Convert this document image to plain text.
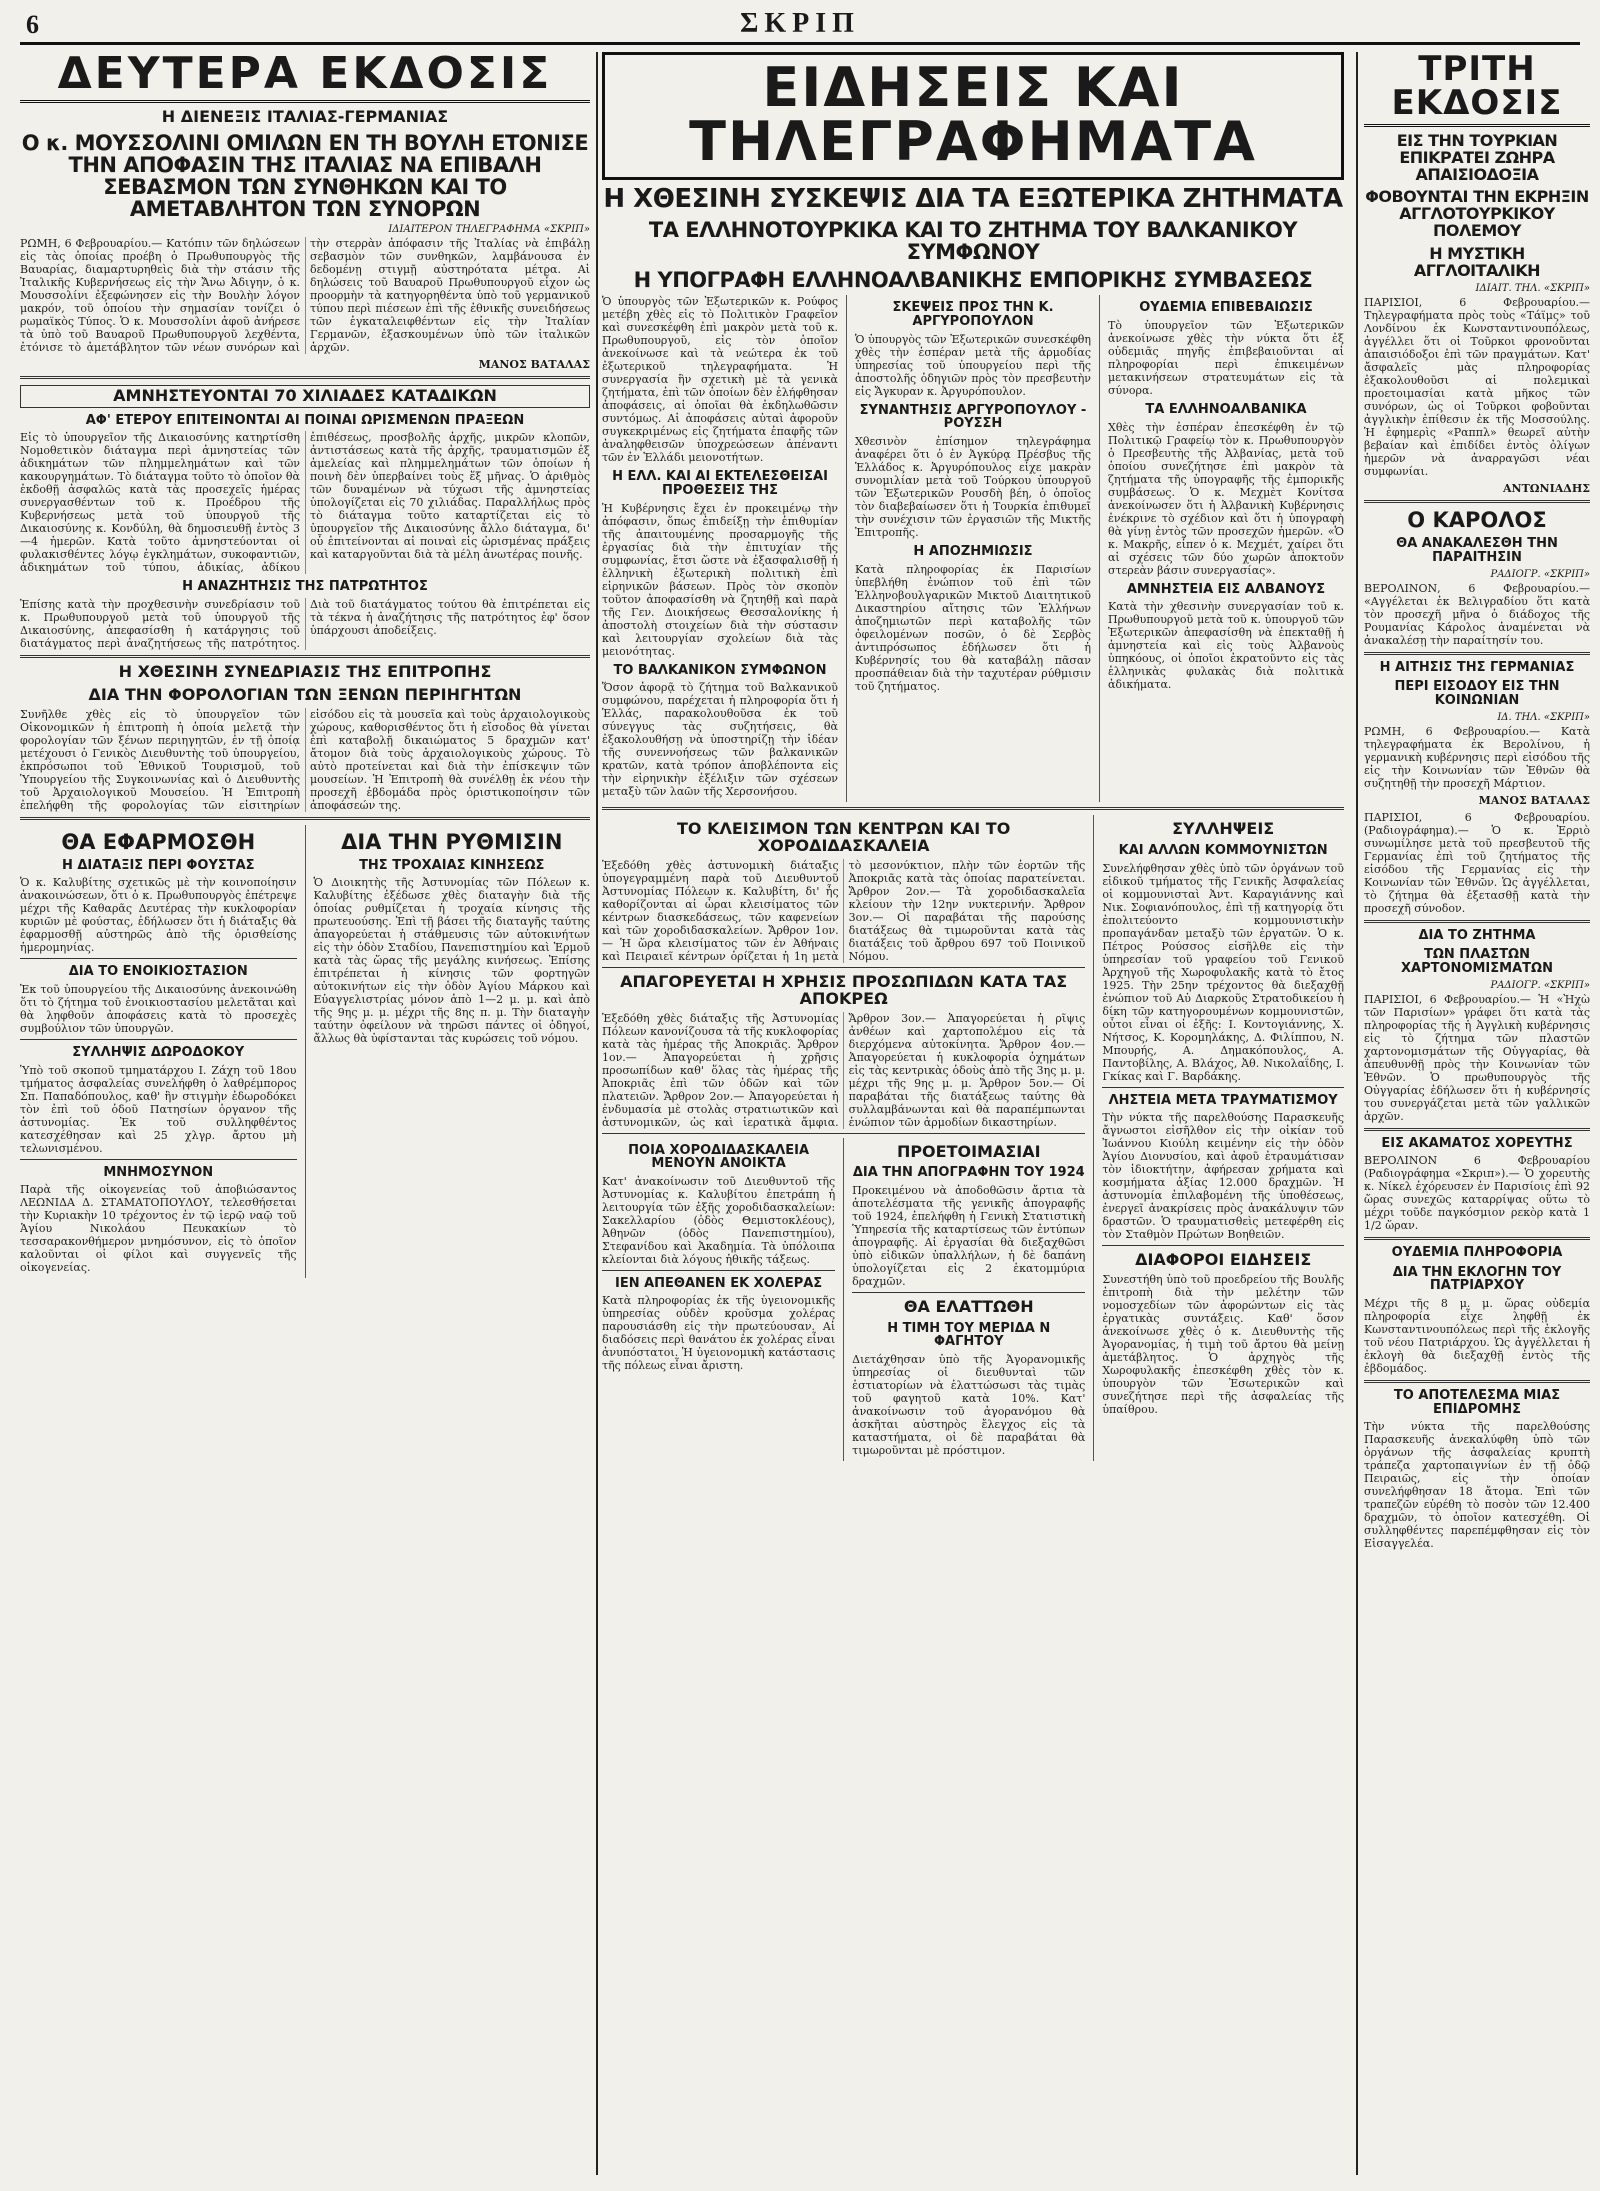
6	ΣΚΡΙΠ
ΔΕΥΤΕΡΑ ΕΚΔΟΣΙΣ
Η ΔΙΕΝΕΞΙΣ ΙΤΑΛΙΑΣ-ΓΕΡΜΑΝΙΑΣ
Ο κ. ΜΟΥΣΣΟΛΙΝΙ ΟΜΙΛΩΝ ΕΝ ΤΗ ΒΟΥΛΗ ΕΤΟΝΙΣΕ ΤΗΝ ΑΠΟΦΑΣΙΝ ΤΗΣ ΙΤΑΛΙΑΣ ΝΑ ΕΠΙΒΑΛΗ ΣΕΒΑΣΜΟΝ ΤΩΝ ΣΥΝΘΗΚΩΝ ΚΑΙ ΤΟ ΑΜΕΤΑΒΛΗΤΟΝ ΤΩΝ ΣΥΝΟΡΩΝ
ΙΔΙΑΙΤΕΡΟΝ ΤΗΛΕΓΡΑΦΗΜΑ «ΣΚΡΙΠ»

ΡΩΜΗ, 6 Φεβρουαρίου.— Κατόπιν τῶν δηλώσεων εἰς τὰς ὁποίας προέβη ὁ Πρωθυπουργὸς τῆς Βαυαρίας, διαμαρτυρηθεὶς διὰ τὴν στάσιν τῆς Ἰταλικῆς Κυβερνήσεως εἰς τὴν Ἄνω Ἀδιγην, ὁ κ. Μουσσολίνι ἐξεφώνησεν εἰς τὴν Βουλὴν λόγον μακρόν, τοῦ ὁποίου τὴν σημασίαν τονίζει ὁ ρωμαϊκὸς Τύπος. Ὁ κ. Μουσσολίνι ἀφοῦ ἀνήρεσε τὰ ὑπὸ τοῦ Βαυαροῦ Πρωθυπουργοῦ λεχθέντα, ἐτόνισε τὸ ἀμετάβλητον τῶν νέων συνόρων καὶ τὴν στερρὰν ἀπόφασιν τῆς Ἰταλίας νὰ ἐπιβάλῃ σεβασμὸν τῶν συνθηκῶν, λαμβάνουσα ἐν δεδομένῃ στιγμῇ αὐστηρότατα μέτρα. Αἱ δηλώσεις τοῦ Βαυαροῦ Πρωθυπουργοῦ εἶχον ὡς προορμὴν τὰ κατηγορηθέντα ὑπὸ τοῦ γερμανικοῦ τύπου περὶ πιέσεων ἐπὶ τῆς ἐθνικῆς συνειδήσεως τῶν ἐγκαταλειφθέντων εἰς τὴν Ἰταλίαν Γερμανῶν, ἐξασκουμένων ὑπὸ τῶν ἰταλικῶν ἀρχῶν.

ΜΑΝΟΣ ΒΑΤΑΛΑΣ
ΑΜΝΗΣΤΕΥΟΝΤΑΙ 70 ΧΙΛΙΑΔΕΣ ΚΑΤΑΔΙΚΩΝ
ΑΦ' ΕΤΕΡΟΥ ΕΠΙΤΕΙΝΟΝΤΑΙ ΑΙ ΠΟΙΝΑΙ ΩΡΙΣΜΕΝΩΝ ΠΡΑΞΕΩΝ

Εἰς τὸ ὑπουργεῖον τῆς Δικαιοσύνης κατηρτίσθη Νομοθετικὸν διάταγμα περὶ ἀμνηστείας τῶν ἀδικημάτων τῶν πλημμελημάτων καὶ τῶν κακουργημάτων. Τὸ διάταγμα τοῦτο τὸ ὁποῖον θὰ ἐκδοθῇ ἀσφαλῶς κατὰ τὰς προσεχεῖς ἡμέρας συνεργασθέντων τοῦ κ. Προέδρου τῆς Κυβερνήσεως μετὰ τοῦ ὑπουργοῦ τῆς Δικαιοσύνης κ. Κονδύλη, θὰ δημοσιευθῇ ἐντὸς 3—4 ἡμερῶν. Κατὰ τοῦτο ἀμνηστεύονται οἱ φυλακισθέντες λόγῳ ἐγκλημάτων, συκοφαντιῶν, ἀδικημάτων τοῦ τύπου, ἀδικίας, ἀδίκου ἐπιθέσεως, προσβολῆς ἀρχῆς, μικρῶν κλοπῶν, ἀντιστάσεως κατὰ τῆς ἀρχῆς, τραυματισμῶν ἐξ ἀμελείας καὶ πλημμελημάτων τῶν ὁποίων ἡ ποινὴ δὲν ὑπερβαίνει τοὺς ἕξ μῆνας. Ὁ ἀριθμὸς τῶν δυναμένων νὰ τύχωσι τῆς ἀμνηστείας ὑπολογίζεται εἰς 70 χιλιάδας. Παραλλήλως πρὸς τὸ διάταγμα τοῦτο καταρτίζεται εἰς τὸ ὑπουργεῖον τῆς Δικαιοσύνης ἄλλο διάταγμα, δι' οὗ ἐπιτείνονται αἱ ποιναὶ εἰς ὡρισμένας πράξεις καὶ καταργοῦνται διὰ τὰ μέλη ἀνωτέρας ποινῆς.

Η ΑΝΑΖΗΤΗΣΙΣ ΤΗΣ ΠΑΤΡΩΤΗΤΟΣ

Ἐπίσης κατὰ τὴν προχθεσινὴν συνεδρίασιν τοῦ κ. Πρωθυπουργοῦ μετὰ τοῦ ὑπουργοῦ τῆς Δικαιοσύνης, ἀπεφασίσθη ἡ κατάργησις τοῦ διατάγματος περὶ ἀναζητήσεως τῆς πατρότητος. Διὰ τοῦ διατάγματος τούτου θὰ ἐπιτρέπεται εἰς τὰ τέκνα ἡ ἀναζήτησις τῆς πατρότητος ἐφ' ὅσον ὑπάρχουσι ἀποδείξεις.

Η ΧΘΕΣΙΝΗ ΣΥΝΕΔΡΙΑΣΙΣ ΤΗΣ ΕΠΙΤΡΟΠΗΣ
ΔΙΑ ΤΗΝ ΦΟΡΟΛΟΓΙΑΝ ΤΩΝ ΞΕΝΩΝ ΠΕΡΙΗΓΗΤΩΝ

Συνῆλθε χθὲς εἰς τὸ ὑπουργεῖον τῶν Οἰκονομικῶν ἡ ἐπιτροπὴ ἡ ὁποία μελετᾷ τὴν φορολογίαν τῶν ξένων περιηγητῶν, ἐν τῇ ὁποίᾳ μετέχουσι ὁ Γενικὸς Διευθυντὴς τοῦ ὑπουργείου, ἐκπρόσωποι τοῦ Ἐθνικοῦ Τουρισμοῦ, τοῦ Ὑπουργείου τῆς Συγκοινωνίας καὶ ὁ Διευθυντὴς τοῦ Ἀρχαιολογικοῦ Μουσείου. Ἡ Ἐπιτροπὴ ἐπελήφθη τῆς φορολογίας τῶν εἰσιτηρίων εἰσόδου εἰς τὰ μουσεῖα καὶ τοὺς ἀρχαιολογικοὺς χώρους, καθορισθέντος ὅτι ἡ εἴσοδος θὰ γίνεται ἐπὶ καταβολῇ δικαιώματος 5 δραχμῶν κατ' ἄτομον διὰ τοὺς ἀρχαιολογικοὺς χώρους. Τὸ αὐτὸ προτείνεται καὶ διὰ τὴν ἐπίσκεψιν τῶν μουσείων. Ἡ Ἐπιτροπὴ θὰ συνέλθῃ ἐκ νέου τὴν προσεχῆ ἑβδομάδα πρὸς ὁριστικοποίησιν τῶν ἀποφάσεών της.

ΘΑ ΕΦΑΡΜΟΣΘΗ
Η ΔΙΑΤΑΞΙΣ ΠΕΡΙ ΦΟΥΣΤΑΣ

Ὁ κ. Καλυβίτης σχετικῶς μὲ τὴν κοινοποίησιν ἀνακοινώσεων, ὅτι ὁ κ. Πρωθυπουργὸς ἐπέτρεψε μέχρι τῆς Καθαρᾶς Δευτέρας τὴν κυκλοφορίαν κυριῶν μὲ φούστας, ἐδήλωσεν ὅτι ἡ διάταξις θὰ ἐφαρμοσθῇ αὐστηρῶς ἀπὸ τῆς ὁρισθείσης ἡμερομηνίας.

ΔΙΑ ΤΟ ΕΝΟΙΚΙΟΣΤΑΣΙΟΝ

Ἐκ τοῦ ὑπουργείου τῆς Δικαιοσύνης ἀνεκοινώθη ὅτι τὸ ζήτημα τοῦ ἐνοικιοστασίου μελετᾶται καὶ θὰ ληφθοῦν ἀποφάσεις κατὰ τὸ προσεχὲς συμβούλιον τῶν ὑπουργῶν.

ΣΥΛΛΗΨΙΣ ΔΩΡΟΔΟΚΟΥ

Ὑπὸ τοῦ σκοποῦ τμηματάρχου Ι. Ζάχη τοῦ 18ου τμήματος ἀσφαλείας συνελήφθη ὁ λαθρέμπορος Σπ. Παπαδόπουλος, καθ' ἣν στιγμὴν ἐδωροδόκει τὸν ἐπὶ τοῦ ὁδοῦ Πατησίων ὀργανον τῆς ἀστυνομίας. Ἐκ τοῦ συλληφθέντος κατεσχέθησαν καὶ 25 χλγρ. ἄρτου μὴ τελωνισμένου.

ΜΝΗΜΟΣΥΝΟΝ

Παρὰ τῆς οἰκογενείας τοῦ ἀποβιώσαντος ΛΕΩΝΙΔΑ Δ. ΣΤΑΜΑΤΟΠΟΥΛΟΥ, τελεσθήσεται τὴν Κυριακὴν 10 τρέχοντος ἐν τῷ ἱερῷ ναῷ τοῦ Ἁγίου Νικολάου Πευκακίων τὸ τεσσαρακονθήμερον μνημόσυνον, εἰς τὸ ὁποῖον καλοῦνται οἱ φίλοι καὶ συγγενεῖς τῆς οἰκογενείας.

ΔΙΑ ΤΗΝ ΡΥΘΜΙΣΙΝ
ΤΗΣ ΤΡΟΧΑΙΑΣ ΚΙΝΗΣΕΩΣ

Ὁ Διοικητὴς τῆς Ἀστυνομίας τῶν Πόλεων κ. Καλυβίτης ἐξέδωσε χθὲς διαταγὴν διὰ τῆς ὁποίας ρυθμίζεται ἡ τροχαία κίνησις τῆς πρωτευούσης. Ἐπὶ τῇ βάσει τῆς διαταγῆς ταύτης ἀπαγορεύεται ἡ στάθμευσις τῶν αὐτοκινήτων εἰς τὴν ὁδὸν Σταδίου, Πανεπιστημίου καὶ Ἑρμοῦ κατὰ τὰς ὥρας τῆς μεγάλης κινήσεως. Ἐπίσης ἐπιτρέπεται ἡ κίνησις τῶν φορτηγῶν αὐτοκινήτων εἰς τὴν ὁδὸν Ἁγίου Μάρκου καὶ Εὐαγγελιστρίας μόνον ἀπὸ 1—2 μ. μ. καὶ ἀπὸ τῆς 9ης μ. μ. μέχρι τῆς 8ης π. μ. Τὴν διαταγὴν ταύτην ὀφείλουν νὰ τηρῶσι πάντες οἱ ὁδηγοί, ἄλλως θὰ ὑφίστανται τὰς κυρώσεις τοῦ νόμου.

ΕΙΔΗΣΕΙΣ ΚΑΙ ΤΗΛΕΓΡΑΦΗΜΑΤΑ
Η ΧΘΕΣΙΝΗ ΣΥΣΚΕΨΙΣ ΔΙΑ ΤΑ ΕΞΩΤΕΡΙΚΑ ΖΗΤΗΜΑΤΑ
ΤΑ ΕΛΛΗΝΟΤΟΥΡΚΙΚΑ ΚΑΙ ΤΟ ΖΗΤΗΜΑ ΤΟΥ ΒΑΛΚΑΝΙΚΟΥ ΣΥΜΦΩΝΟΥ
Η ΥΠΟΓΡΑΦΗ ΕΛΛΗΝΟΑΛΒΑΝΙΚΗΣ ΕΜΠΟΡΙΚΗΣ ΣΥΜΒΑΣΕΩΣ

Ὁ ὑπουργὸς τῶν Ἐξωτερικῶν κ. Ρούφος μετέβη χθὲς εἰς τὸ Πολιτικὸν Γραφεῖον καὶ συνεσκέφθη ἐπὶ μακρὸν μετὰ τοῦ κ. Πρωθυπουργοῦ, εἰς τὸν ὁποῖον ἀνεκοίνωσε καὶ τὰ νεώτερα ἐκ τοῦ ἐξωτερικοῦ τηλεγραφήματα. Ἡ συνεργασία ἣν σχετικὴ μὲ τὰ γενικὰ ζητήματα, ἐπὶ τῶν ὁποίων δὲν ἐλήφθησαν ἀποφάσεις, αἱ ὁποῖαι θὰ ἐκδηλωθῶσιν συντόμως. Αἱ ἀποφάσεις αὐταὶ ἀφοροῦν συγκεκριμένως εἰς ζητήματα ἐπαφῆς τῶν ἀναληφθεισῶν ὑποχρεώσεων ἀπέναντι τῶν ἐν Ἑλλάδι μειονοτήτων.

Η ΕΛΛ. ΚΑΙ ΑΙ ΕΚΤΕΛΕΣΘΕΙΣΑΙ ΠΡΟΘΕΣΕΙΣ ΤΗΣ

Ἡ Κυβέρνησις ἔχει ἐν προκειμένῳ τὴν ἀπόφασιν, ὅπως ἐπιδείξῃ τὴν ἐπιθυμίαν τῆς ἀπαιτουμένης προσαρμογῆς τῆς ἐργασίας διὰ τὴν ἐπιτυχίαν τῆς συμφωνίας, ἔτσι ὥστε νὰ ἐξασφαλισθῇ ἡ ἑλληνικὴ ἐξωτερικὴ πολιτικὴ ἐπὶ εἰρηνικῶν βάσεων. Πρὸς τὸν σκοπὸν τοῦτον ἀποφασίσθη νὰ ζητηθῇ καὶ παρὰ τῆς Γεν. Διοικήσεως Θεσσαλονίκης ἡ ἀποστολὴ στοιχείων διὰ τὴν σύστασιν καὶ λειτουργίαν σχολείων διὰ τὰς μειονότητας.

ΤΟ ΒΑΛΚΑΝΙΚΟΝ ΣΥΜΦΩΝΟΝ

Ὅσον ἀφορᾷ τὸ ζήτημα τοῦ Βαλκανικοῦ συμφώνου, παρέχεται ἡ πληροφορία ὅτι ἡ Ἑλλάς, παρακολουθοῦσα ἐκ τοῦ σύνεγγυς τὰς συζητήσεις, θὰ ἐξακολουθήσῃ νὰ ὑποστηρίζῃ τὴν ἰδέαν τῆς συνεννοήσεως τῶν βαλκανικῶν κρατῶν, κατὰ τρόπον ἀποβλέποντα εἰς τὴν εἰρηνικὴν ἐξέλιξιν τῶν σχέσεων μεταξὺ τῶν λαῶν τῆς Χερσονήσου.

ΣΚΕΨΕΙΣ ΠΡΟΣ ΤΗΝ Κ. ΑΡΓΥΡΟΠΟΥΛΟΝ

Ὁ ὑπουργὸς τῶν Ἐξωτερικῶν συνεσκέφθη χθὲς τὴν ἑσπέραν μετὰ τῆς ἁρμοδίας ὑπηρεσίας τοῦ ὑπουργείου περὶ τῆς ἀποστολῆς ὁδηγιῶν πρὸς τὸν πρεσβευτὴν εἰς Ἄγκυραν κ. Ἀργυρόπουλον.

ΣΥΝΑΝΤΗΣΙΣ ΑΡΓΥΡΟΠΟΥΛΟΥ - ΡΟΥΣΣΗ

Χθεσινὸν ἐπίσημον τηλεγράφημα ἀναφέρει ὅτι ὁ ἐν Ἀγκύρᾳ Πρέσβυς τῆς Ἑλλάδος κ. Ἀργυρόπουλος εἶχε μακρὰν συνομιλίαν μετὰ τοῦ Τούρκου ὑπουργοῦ τῶν Ἐξωτερικῶν Ρουσδὴ βέη, ὁ ὁποῖος τὸν διαβεβαίωσεν ὅτι ἡ Τουρκία ἐπιθυμεῖ τὴν συνέχισιν τῶν ἐργασιῶν τῆς Μικτῆς Ἐπιτροπῆς.

Η ΑΠΟΖΗΜΙΩΣΙΣ

Κατὰ πληροφορίας ἐκ Παρισίων ὑπεβλήθη ἐνώπιον τοῦ ἐπὶ τῶν Ἑλληνοβουλγαρικῶν Μικτοῦ Διαιτητικοῦ Δικαστηρίου αἴτησις τῶν Ἑλλήνων ἀποζημιωτῶν περὶ καταβολῆς τῶν ὀφειλομένων ποσῶν, ὁ δὲ Σερβὸς ἀντιπρόσωπος ἐδήλωσεν ὅτι ἡ Κυβέρνησίς του θὰ καταβάλῃ πᾶσαν προσπάθειαν διὰ τὴν ταχυτέραν ρύθμισιν τοῦ ζητήματος.

ΟΥΔΕΜΙΑ ΕΠΙΒΕΒΑΙΩΣΙΣ

Τὸ ὑπουργεῖον τῶν Ἐξωτερικῶν ἀνεκοίνωσε χθὲς τὴν νύκτα ὅτι ἐξ οὐδεμιᾶς πηγῆς ἐπιβεβαιοῦνται αἱ πληροφορίαι περὶ ἐπικειμένων μετακινήσεων στρατευμάτων εἰς τὰ σύνορα.

ΤΑ ΕΛΛΗΝΟΑΛΒΑΝΙΚΑ

Χθὲς τὴν ἑσπέραν ἐπεσκέφθη ἐν τῷ Πολιτικῷ Γραφείῳ τὸν κ. Πρωθυπουργὸν ὁ Πρεσβευτὴς τῆς Ἀλβανίας, μετὰ τοῦ ὁποίου συνεζήτησε ἐπὶ μακρὸν τὰ ζητήματα τῆς ὑπογραφῆς τῆς ἐμπορικῆς συμβάσεως. Ὁ κ. Μεχμὲτ Κονίτσα ἀνεκοίνωσεν ὅτι ἡ Ἀλβανικὴ Κυβέρνησις ἐνέκρινε τὸ σχέδιον καὶ ὅτι ἡ ὑπογραφὴ θὰ γίνῃ ἐντὸς τῶν προσεχῶν ἡμερῶν. «Ὁ κ. Μακρῆς, εἶπεν ὁ κ. Μεχμέτ, χαίρει ὅτι αἱ σχέσεις τῶν δύο χωρῶν ἀποκτοῦν στερεὰν βάσιν συνεργασίας».

ΑΜΝΗΣΤΕΙΑ ΕΙΣ ΑΛΒΑΝΟΥΣ

Κατὰ τὴν χθεσινὴν συνεργασίαν τοῦ κ. Πρωθυπουργοῦ μετὰ τοῦ κ. ὑπουργοῦ τῶν Ἐξωτερικῶν ἀπεφασίσθη νὰ ἐπεκταθῇ ἡ ἀμνηστεία καὶ εἰς τοὺς Ἀλβανοὺς ὑπηκόους, οἱ ὁποῖοι ἐκρατοῦντο εἰς τὰς ἑλληνικὰς φυλακὰς διὰ πολιτικὰ ἀδικήματα.

ΤΟ ΚΛΕΙΣΙΜΟΝ ΤΩΝ ΚΕΝΤΡΩΝ ΚΑΙ ΤΟ ΧΟΡΟΔΙΔΑΣΚΑΛΕΙΑ

Ἐξεδόθη χθὲς ἀστυνομικὴ διάταξις ὑπογεγραμμένη παρὰ τοῦ Διευθυντοῦ Ἀστυνομίας Πόλεων κ. Καλυβίτη, δι' ἧς καθορίζονται αἱ ὧραι κλεισίματος τῶν κέντρων διασκεδάσεως, τῶν καφενείων καὶ τῶν χοροδιδασκαλείων. Ἄρθρον 1ον.— Ἡ ὥρα κλεισίματος τῶν ἐν Ἀθήναις καὶ Πειραιεῖ κέντρων ὁρίζεται ἡ 1η μετὰ τὸ μεσονύκτιον, πλὴν τῶν ἑορτῶν τῆς Ἀποκριᾶς κατὰ τὰς ὁποίας παρατείνεται. Ἄρθρον 2ον.— Τὰ χοροδιδασκαλεῖα κλείουν τὴν 12ην νυκτερινήν. Ἄρθρον 3ον.— Οἱ παραβάται τῆς παρούσης διατάξεως θὰ τιμωροῦνται κατὰ τὰς διατάξεις τοῦ ἄρθρου 697 τοῦ Ποινικοῦ Νόμου.

ΑΠΑΓΟΡΕΥΕΤΑΙ Η ΧΡΗΣΙΣ ΠΡΟΣΩΠΙΔΩΝ ΚΑΤΑ ΤΑΣ ΑΠΟΚΡΕΩ

Ἐξεδόθη χθὲς διάταξις τῆς Ἀστυνομίας Πόλεων κανονίζουσα τὰ τῆς κυκλοφορίας κατὰ τὰς ἡμέρας τῆς Ἀποκριᾶς. Ἄρθρον 1ον.— Ἀπαγορεύεται ἡ χρῆσις προσωπίδων καθ' ὅλας τὰς ἡμέρας τῆς Ἀποκριᾶς ἐπὶ τῶν ὁδῶν καὶ τῶν πλατειῶν. Ἄρθρον 2ον.— Ἀπαγορεύεται ἡ ἐνδυμασία μὲ στολὰς στρατιωτικῶν καὶ ἀστυνομικῶν, ὡς καὶ ἱερατικὰ ἄμφια. Ἄρθρον 3ον.— Ἀπαγορεύεται ἡ ρῖψις ἀνθέων καὶ χαρτοπολέμου εἰς τὰ διερχόμενα αὐτοκίνητα. Ἄρθρον 4ον.— Ἀπαγορεύεται ἡ κυκλοφορία ὁχημάτων εἰς τὰς κεντρικὰς ὁδοὺς ἀπὸ τῆς 3ης μ. μ. μέχρι τῆς 9ης μ. μ. Ἄρθρον 5ον.— Οἱ παραβάται τῆς διατάξεως ταύτης θὰ συλλαμβάνωνται καὶ θὰ παραπέμπωνται ἐνώπιον τῶν ἁρμοδίων δικαστηρίων.

ΠΟΙΑ ΧΟΡΟΔΙΔΑΣΚΑΛΕΙΑ ΜΕΝΟΥΝ ΑΝΟΙΚΤΑ

Κατ' ἀνακοίνωσιν τοῦ Διευθυντοῦ τῆς Ἀστυνομίας κ. Καλυβίτου ἐπετράπη ἡ λειτουργία τῶν ἐξῆς χοροδιδασκαλείων: Σακελλαρίου (ὁδὸς Θεμιστοκλέους), Ἀθηνῶν (ὁδὸς Πανεπιστημίου), Στεφανίδου καὶ Ἀκαδημία. Τὰ ὑπόλοιπα κλείονται διὰ λόγους ἠθικῆς τάξεως.

ΙΕΝ ΑΠΕΘΑΝΕΝ ΕΚ ΧΟΛΕΡΑΣ

Κατὰ πληροφορίας ἐκ τῆς ὑγειονομικῆς ὑπηρεσίας οὐδὲν κροῦσμα χολέρας παρουσιάσθη εἰς τὴν πρωτεύουσαν. Αἱ διαδόσεις περὶ θανάτου ἐκ χολέρας εἶναι ἀνυπόστατοι. Ἡ ὑγειονομικὴ κατάστασις τῆς πόλεως εἶναι ἄριστη.

ΠΡΟΕΤΟΙΜΑΣΙΑΙ
ΔΙΑ ΤΗΝ ΑΠΟΓΡΑΦΗΝ ΤΟΥ 1924

Προκειμένου νὰ ἀποδοθῶσιν ἄρτια τὰ ἀποτελέσματα τῆς γενικῆς ἀπογραφῆς τοῦ 1924, ἐπελήφθη ἡ Γενικὴ Στατιστικὴ Ὑπηρεσία τῆς καταρτίσεως τῶν ἐντύπων ἀπογραφῆς. Αἱ ἐργασίαι θὰ διεξαχθῶσι ὑπὸ εἰδικῶν ὑπαλλήλων, ἡ δὲ δαπάνη ὑπολογίζεται εἰς 2 ἑκατομμύρια δραχμῶν.

ΘΑ ΕΛΑΤΤΩΘΗ
Η ΤΙΜΗ ΤΟΥ ΜΕΡΙΔΑ Ν ΦΑΓΗΤΟΥ

Διετάχθησαν ὑπὸ τῆς Ἀγορανομικῆς ὑπηρεσίας οἱ διευθυνταὶ τῶν ἑστιατορίων νὰ ἐλαττώσωσι τὰς τιμὰς τοῦ φαγητοῦ κατὰ 10%. Κατ' ἀνακοίνωσιν τοῦ ἀγορανόμου θὰ ἀσκῆται αὐστηρὸς ἔλεγχος εἰς τὰ καταστήματα, οἱ δὲ παραβάται θὰ τιμωροῦνται μὲ πρόστιμον.

ΣΥΛΛΗΨΕΙΣ
ΚΑΙ ΑΛΛΩΝ ΚΟΜΜΟΥΝΙΣΤΩΝ

Συνελήφθησαν χθὲς ὑπὸ τῶν ὀργάνων τοῦ εἰδικοῦ τμήματος τῆς Γενικῆς Ἀσφαλείας οἱ κομμουνισταὶ Ἀντ. Καραγιάννης καὶ Νικ. Σοφιανόπουλος, ἐπὶ τῇ κατηγορίᾳ ὅτι ἐπολιτεύοντο κομμουνιστικὴν προπαγάνδαν μεταξὺ τῶν ἐργατῶν. Ὁ κ. Πέτρος Ρούσσος εἰσῆλθε εἰς τὴν ὑπηρεσίαν τοῦ γραφείου τοῦ Γενικοῦ Ἀρχηγοῦ τῆς Χωροφυλακῆς κατὰ τὸ ἔτος 1925. Τὴν 25ην τρέχοντος θὰ διεξαχθῇ ἐνώπιον τοῦ Αὐ Διαρκοῦς Στρατοδικείου ἡ δίκη τῶν κατηγορουμένων κομμουνιστῶν, οὗτοι εἶναι οἱ ἑξῆς: Ι. Κοντογιάννης, Χ. Νήτσος, Κ. Κορομηλάκης, Δ. Φιλίππου, Ν. Μπουρής, Α. Δημακόπουλος, Α. Παντοβίλης, Α. Βλάχος, Ἀθ. Νικολαΐδης, Ι. Γκίκας καὶ Γ. Βαρδάκης.

ΛΗΣΤΕΙΑ ΜΕΤΑ ΤΡΑΥΜΑΤΙΣΜΟΥ

Τὴν νύκτα τῆς παρελθούσης Παρασκευῆς ἄγνωστοι εἰσῆλθον εἰς τὴν οἰκίαν τοῦ Ἰωάννου Κιούλη κειμένην εἰς τὴν ὁδὸν Ἁγίου Διονυσίου, καὶ ἀφοῦ ἐτραυμάτισαν τὸν ἰδιοκτήτην, ἀφήρεσαν χρήματα καὶ κοσμήματα ἀξίας 12.000 δραχμῶν. Ἡ ἀστυνομία ἐπιλαβομένη τῆς ὑποθέσεως, ἐνεργεῖ ἀνακρίσεις πρὸς ἀνακάλυψιν τῶν δραστῶν. Ὁ τραυματισθεὶς μετεφέρθη εἰς τὸν Σταθμὸν Πρώτων Βοηθειῶν.

ΔΙΑΦΟΡΟΙ ΕΙΔΗΣΕΙΣ

Συνεστήθη ὑπὸ τοῦ προεδρείου τῆς Βουλῆς ἐπιτροπὴ διὰ τὴν μελέτην τῶν νομοσχεδίων τῶν ἀφορώντων εἰς τὰς ἐργατικὰς συντάξεις. Καθ' ὅσον ἀνεκοίνωσε χθὲς ὁ κ. Διευθυντὴς τῆς Ἀγορανομίας, ἡ τιμὴ τοῦ ἄρτου θὰ μείνῃ ἀμετάβλητος. Ὁ ἀρχηγὸς τῆς Χωροφυλακῆς ἐπεσκέφθη χθὲς τὸν κ. ὑπουργὸν τῶν Ἐσωτερικῶν καὶ συνεζήτησε περὶ τῆς ἀσφαλείας τῆς ὑπαίθρου.

ΤΡΙΤΗ ΕΚΔΟΣΙΣ
ΕΙΣ ΤΗΝ ΤΟΥΡΚΙΑΝ ΕΠΙΚΡΑΤΕΙ ΖΩΗΡΑ ΑΠΑΙΣΙΟΔΟΞΙΑ
ΦΟΒΟΥΝΤΑΙ ΤΗΝ ΕΚΡΗΞΙΝ ΑΓΓΛΟΤΟΥΡΚΙΚΟΥ ΠΟΛΕΜΟΥ
Η ΜΥΣΤΙΚΗ ΑΓΓΛΟΙΤΑΛΙΚΗ
ΙΔΙΑΙΤ. ΤΗΛ. «ΣΚΡΙΠ»

ΠΑΡΙΣΙΟΙ, 6 Φεβρουαρίου.— Τηλεγραφήματα πρὸς τοὺς «Τάϊμς» τοῦ Λονδίνου ἐκ Κωνσταντινουπόλεως, ἀγγέλλει ὅτι οἱ Τοῦρκοι φρονοῦνται ἀπαισιόδοξοι ἐπὶ τῶν πραγμάτων. Κατ' ἄσφαλεῖς μὰς πληροφορίας ἐξακολουθοῦσι αἱ πολεμικαὶ προετοιμασίαι κατὰ μῆκος τῶν συνόρων, ὡς οἱ Τοῦρκοι φοβοῦνται ἀγγλικὴν ἐπίθεσιν ἐκ τῆς Μοσσούλης. Ἡ ἐφημερὶς «Ραππλ» θεωρεῖ αὐτὴν βεβαίαν καὶ ἐπιδίδει ἐντὸς ὀλίγων ἡμερῶν νὰ ἀναρραγῶσι νέαι συμφωνίαι.

ΑΝΤΩΝΙΑΔΗΣ
Ο ΚΑΡΟΛΟΣ
ΘΑ ΑΝΑΚΑΛΕΣΘΗ ΤΗΝ ΠΑΡΑΙΤΗΣΙΝ
ΡΑΔΙΟΓΡ. «ΣΚΡΙΠ»

ΒΕΡΟΛΙΝΟΝ, 6 Φεβρουαρίου.— «Αγγέλεται ἐκ Βελιγραδίου ὅτι κατὰ τὸν προσεχῆ μῆνα ὁ διάδοχος τῆς Ρουμανίας Κάρολος ἀναμένεται νὰ ἀνακαλέσῃ τὴν παραίτησίν του.

Η ΑΙΤΗΣΙΣ ΤΗΣ ΓΕΡΜΑΝΙΑΣ
ΠΕΡΙ ΕΙΣΟΔΟΥ ΕΙΣ ΤΗΝ ΚΟΙΝΩΝΙΑΝ
ΙΔ. ΤΗΛ. «ΣΚΡΙΠ»

ΡΩΜΗ, 6 Φεβρουαρίου.— Κατὰ τηλεγραφήματα ἐκ Βερολίνου, ἡ γερμανικὴ κυβέρνησις περὶ εἰσόδου τῆς εἰς τὴν Κοινωνίαν τῶν Ἐθνῶν θὰ συζητηθῇ τὴν προσεχῆ Μάρτιον.

ΜΑΝΟΣ ΒΑΤΑΛΑΣ

ΠΑΡΙΣΙΟΙ, 6 Φεβρουαρίου. (Ραδιογράφημα).— Ὁ κ. Ἐρριὸ συνωμίλησε μετὰ τοῦ πρεσβευτοῦ τῆς Γερμανίας ἐπὶ τοῦ ζητήματος τῆς εἰσόδου τῆς Γερμανίας εἰς τὴν Κοινωνίαν τῶν Ἐθνῶν. Ὡς ἀγγέλλεται, τὸ ζήτημα θὰ ἐξετασθῇ κατὰ τὴν προσεχῆ σύνοδον.

ΔΙΑ ΤΟ ΖΗΤΗΜΑ
ΤΩΝ ΠΛΑΣΤΩΝ ΧΑΡΤΟΝΟΜΙΣΜΑΤΩΝ
ΡΑΔΙΟΓΡ. «ΣΚΡΙΠ»

ΠΑΡΙΣΙΟΙ, 6 Φεβρουαρίου.— Ἡ «Ἠχὼ τῶν Παρισίων» γράφει ὅτι κατὰ τὰς πληροφορίας τῆς ἡ Ἀγγλικὴ κυβέρνησις εἰς τὸ ζήτημα τῶν πλαστῶν χαρτονομισμάτων τῆς Οὐγγαρίας, θὰ ἀπευθυνθῇ πρὸς τὴν Κοινωνίαν τῶν Ἐθνῶν. Ὁ πρωθυπουργὸς τῆς Οὐγγαρίας ἐδήλωσεν ὅτι ἡ κυβέρνησίς του συνεργάζεται μετὰ τῶν γαλλικῶν ἀρχῶν.

ΕΙΣ ΑΚΑΜΑΤΟΣ ΧΟΡΕΥΤΗΣ

ΒΕΡΟΛΙΝΟΝ 6 Φεβρουαρίου (Ραδιογράφημα «Σκριπ»).— Ὁ χορευτὴς κ. Νίκελ ἐχόρευσεν ἐν Παρισίοις ἐπὶ 92 ὥρας συνεχῶς καταρρίψας οὕτω τὸ μέχρι τοῦδε παγκόσμιον ρεκὸρ κατὰ 1 1/2 ὥραν.

ΟΥΔΕΜΙΑ ΠΛΗΡΟΦΟΡΙΑ
ΔΙΑ ΤΗΝ ΕΚΛΟΓΗΝ ΤΟΥ ΠΑΤΡΙΑΡΧΟΥ

Μέχρι τῆς 8 μ. μ. ὥρας οὐδεμία πληροφορία εἶχε ληφθῇ ἐκ Κωνσταντινουπόλεως περὶ τῆς ἐκλογῆς τοῦ νέου Πατριάρχου. Ὡς ἀγγέλλεται ἡ ἐκλογὴ θὰ διεξαχθῇ ἐντὸς τῆς ἐβδομάδος.

ΤΟ ΑΠΟΤΕΛΕΣΜΑ ΜΙΑΣ ΕΠΙΔΡΟΜΗΣ

Τὴν νύκτα τῆς παρελθούσης Παρασκευῆς ἀνεκαλύφθη ὑπὸ τῶν ὀργάνων τῆς ἀσφαλείας κρυπτὴ τράπεζα χαρτοπαιγνίων ἐν τῇ ὁδῷ Πειραιῶς, εἰς τὴν ὁποίαν συνελήφθησαν 18 ἄτομα. Ἐπὶ τῶν τραπεζῶν εὑρέθη τὸ ποσὸν τῶν 12.400 δραχμῶν, τὸ ὁποῖον κατεσχέθη. Οἱ συλληφθέντες παρεπέμφθησαν εἰς τὸν Εἰσαγγελέα.
